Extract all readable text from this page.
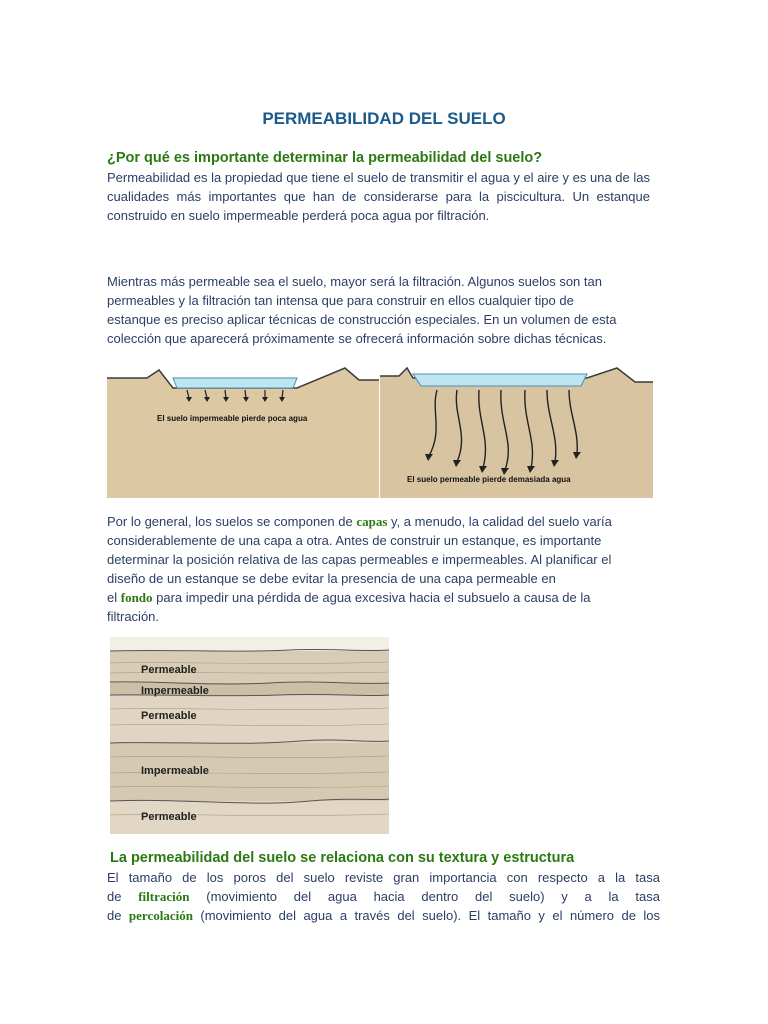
PERMEABILIDAD DEL SUELO

¿Por qué es importante determinar la permeabilidad del suelo?

Permeabilidad es la propiedad que tiene el suelo de transmitir el agua y el aire y es una de las cualidades más importantes que han de considerarse para la piscicultura. Un estanque construido en suelo impermeable perderá poca agua por filtración.

Mientras más permeable sea el suelo, mayor será la filtración. Algunos suelos son tan
permeables y la filtración tan intensa que para construir en ellos cualquier tipo de
estanque es preciso aplicar técnicas de construcción especiales. En un volumen de esta
colección que aparecerá próximamente se ofrecerá información sobre dichas técnicas.

El suelo impermeable pierde poca agua
El suelo permeable pierde demasiada agua

Por lo general, los suelos se componen de capas y, a menudo, la calidad del suelo varía
considerablemente de una capa a otra. Antes de construir un estanque, es importante
determinar la posición relativa de las capas permeables e impermeables. Al planificar el
diseño de un estanque se debe evitar la presencia de una capa permeable en
el fondo para impedir una pérdida de agua excesiva hacia el subsuelo a causa de la
filtración.

Permeable
Impermeable
Permeable
Impermeable
Permeable

La permeabilidad del suelo se relaciona con su textura y estructura

El tamaño de los poros del suelo reviste gran importancia con respecto a la tasa
de filtración (movimiento del agua hacia dentro del suelo) y a la tasa
de percolación (movimiento del agua a través del suelo). El tamaño y el número de los
